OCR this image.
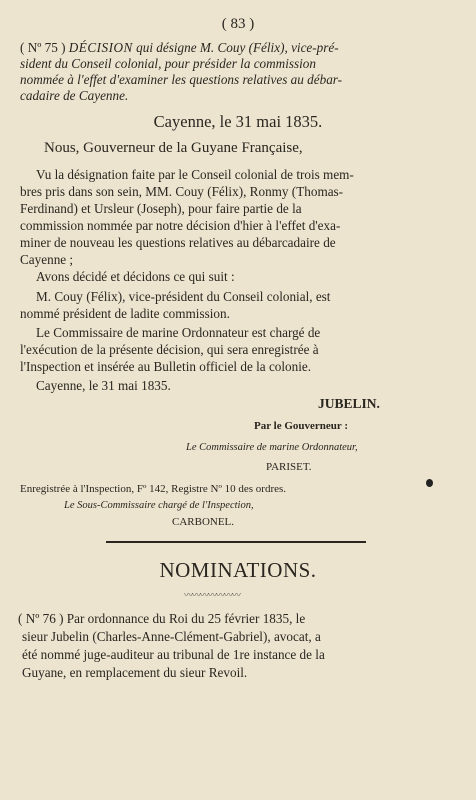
( 83 )
( Nº 75 ) DÉCISION qui désigne M. Couy (Félix), vice-pré-
sident du Conseil colonial, pour présider la commission
nommée à l'effet d'examiner les questions relatives au débar-
cadaire de Cayenne.
Cayenne, le 31 mai 1835.
Nous, Gouverneur de la Guyane Française,
Vu la désignation faite par le Conseil colonial de trois mem-
bres pris dans son sein, MM. Couy (Félix), Ronmy (Thomas-
Ferdinand) et Ursleur (Joseph), pour faire partie de la
commission nommée par notre décision d'hier à l'effet d'exa-
miner de nouveau les questions relatives au débarcadaire de
Cayenne ;
Avons décidé et décidons ce qui suit :
M. Couy (Félix), vice-président du Conseil colonial, est
nommé président de ladite commission.
Le Commissaire de marine Ordonnateur est chargé de
l'exécution de la présente décision, qui sera enregistrée à
l'Inspection et insérée au Bulletin officiel de la colonie.
Cayenne, le 31 mai 1835.
JUBELIN.
Par le Gouverneur :
Le Commissaire de marine Ordonnateur,
PARISET.
Enregistrée à l'Inspection, Fº 142, Registre Nº 10 des ordres.
Le Sous-Commissaire chargé de l'Inspection,
CARBONEL.
NOMINATIONS.
〰〰〰〰〰〰〰
( Nº 76 ) Par ordonnance du Roi du 25 février 1835, le
sieur Jubelin (Charles-Anne-Clément-Gabriel), avocat, a
été nommé juge-auditeur au tribunal de 1re instance de la
Guyane, en remplacement du sieur Revoil.
